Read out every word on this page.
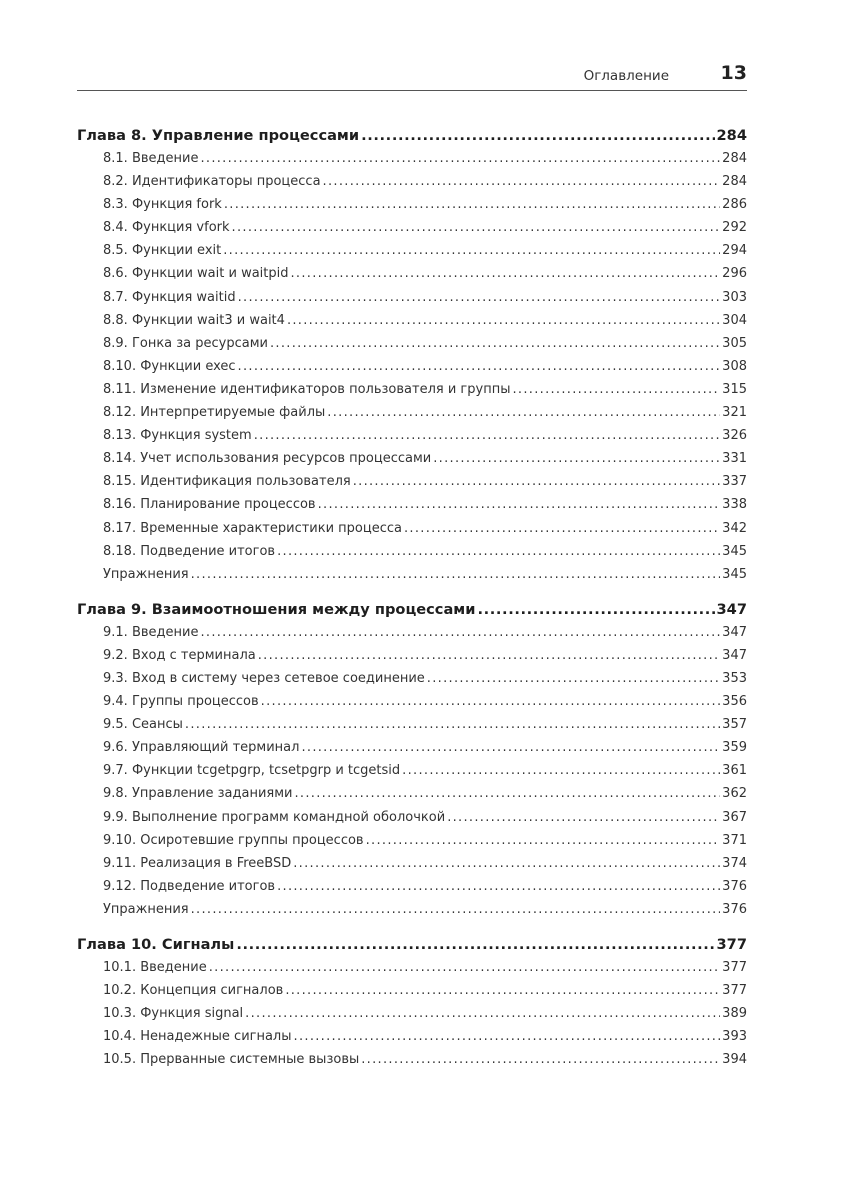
Оглавление	13
Глава 8. Управление процессами .....	284
8.1. Введение .....	284
8.2. Идентификаторы процесса .....	284
8.3. Функция fork .....	286
8.4. Функция vfork .....	292
8.5. Функции exit .....	294
8.6. Функции wait и waitpid .....	296
8.7. Функция waitid .....	303
8.8. Функции wait3 и wait4 .....	304
8.9. Гонка за ресурсами .....	305
8.10. Функции exec .....	308
8.11. Изменение идентификаторов пользователя и группы .....	315
8.12. Интерпретируемые файлы .....	321
8.13. Функция system .....	326
8.14. Учет использования ресурсов процессами .....	331
8.15. Идентификация пользователя .....	337
8.16. Планирование процессов .....	338
8.17. Временные характеристики процесса .....	342
8.18. Подведение итогов .....	345
Упражнения .....	345
Глава 9. Взаимоотношения между процессами .....	347
9.1. Введение .....	347
9.2. Вход с терминала .....	347
9.3. Вход в систему через сетевое соединение .....	353
9.4. Группы процессов .....	356
9.5. Сеансы .....	357
9.6. Управляющий терминал .....	359
9.7. Функции tcgetpgrp, tcsetpgrp и tcgetsid .....	361
9.8. Управление заданиями .....	362
9.9. Выполнение программ командной оболочкой .....	367
9.10. Осиротевшие группы процессов .....	371
9.11. Реализация в FreeBSD .....	374
9.12. Подведение итогов .....	376
Упражнения .....	376
Глава 10. Сигналы .....	377
10.1. Введение .....	377
10.2. Концепция сигналов .....	377
10.3. Функция signal .....	389
10.4. Ненадежные сигналы .....	393
10.5. Прерванные системные вызовы .....	394
